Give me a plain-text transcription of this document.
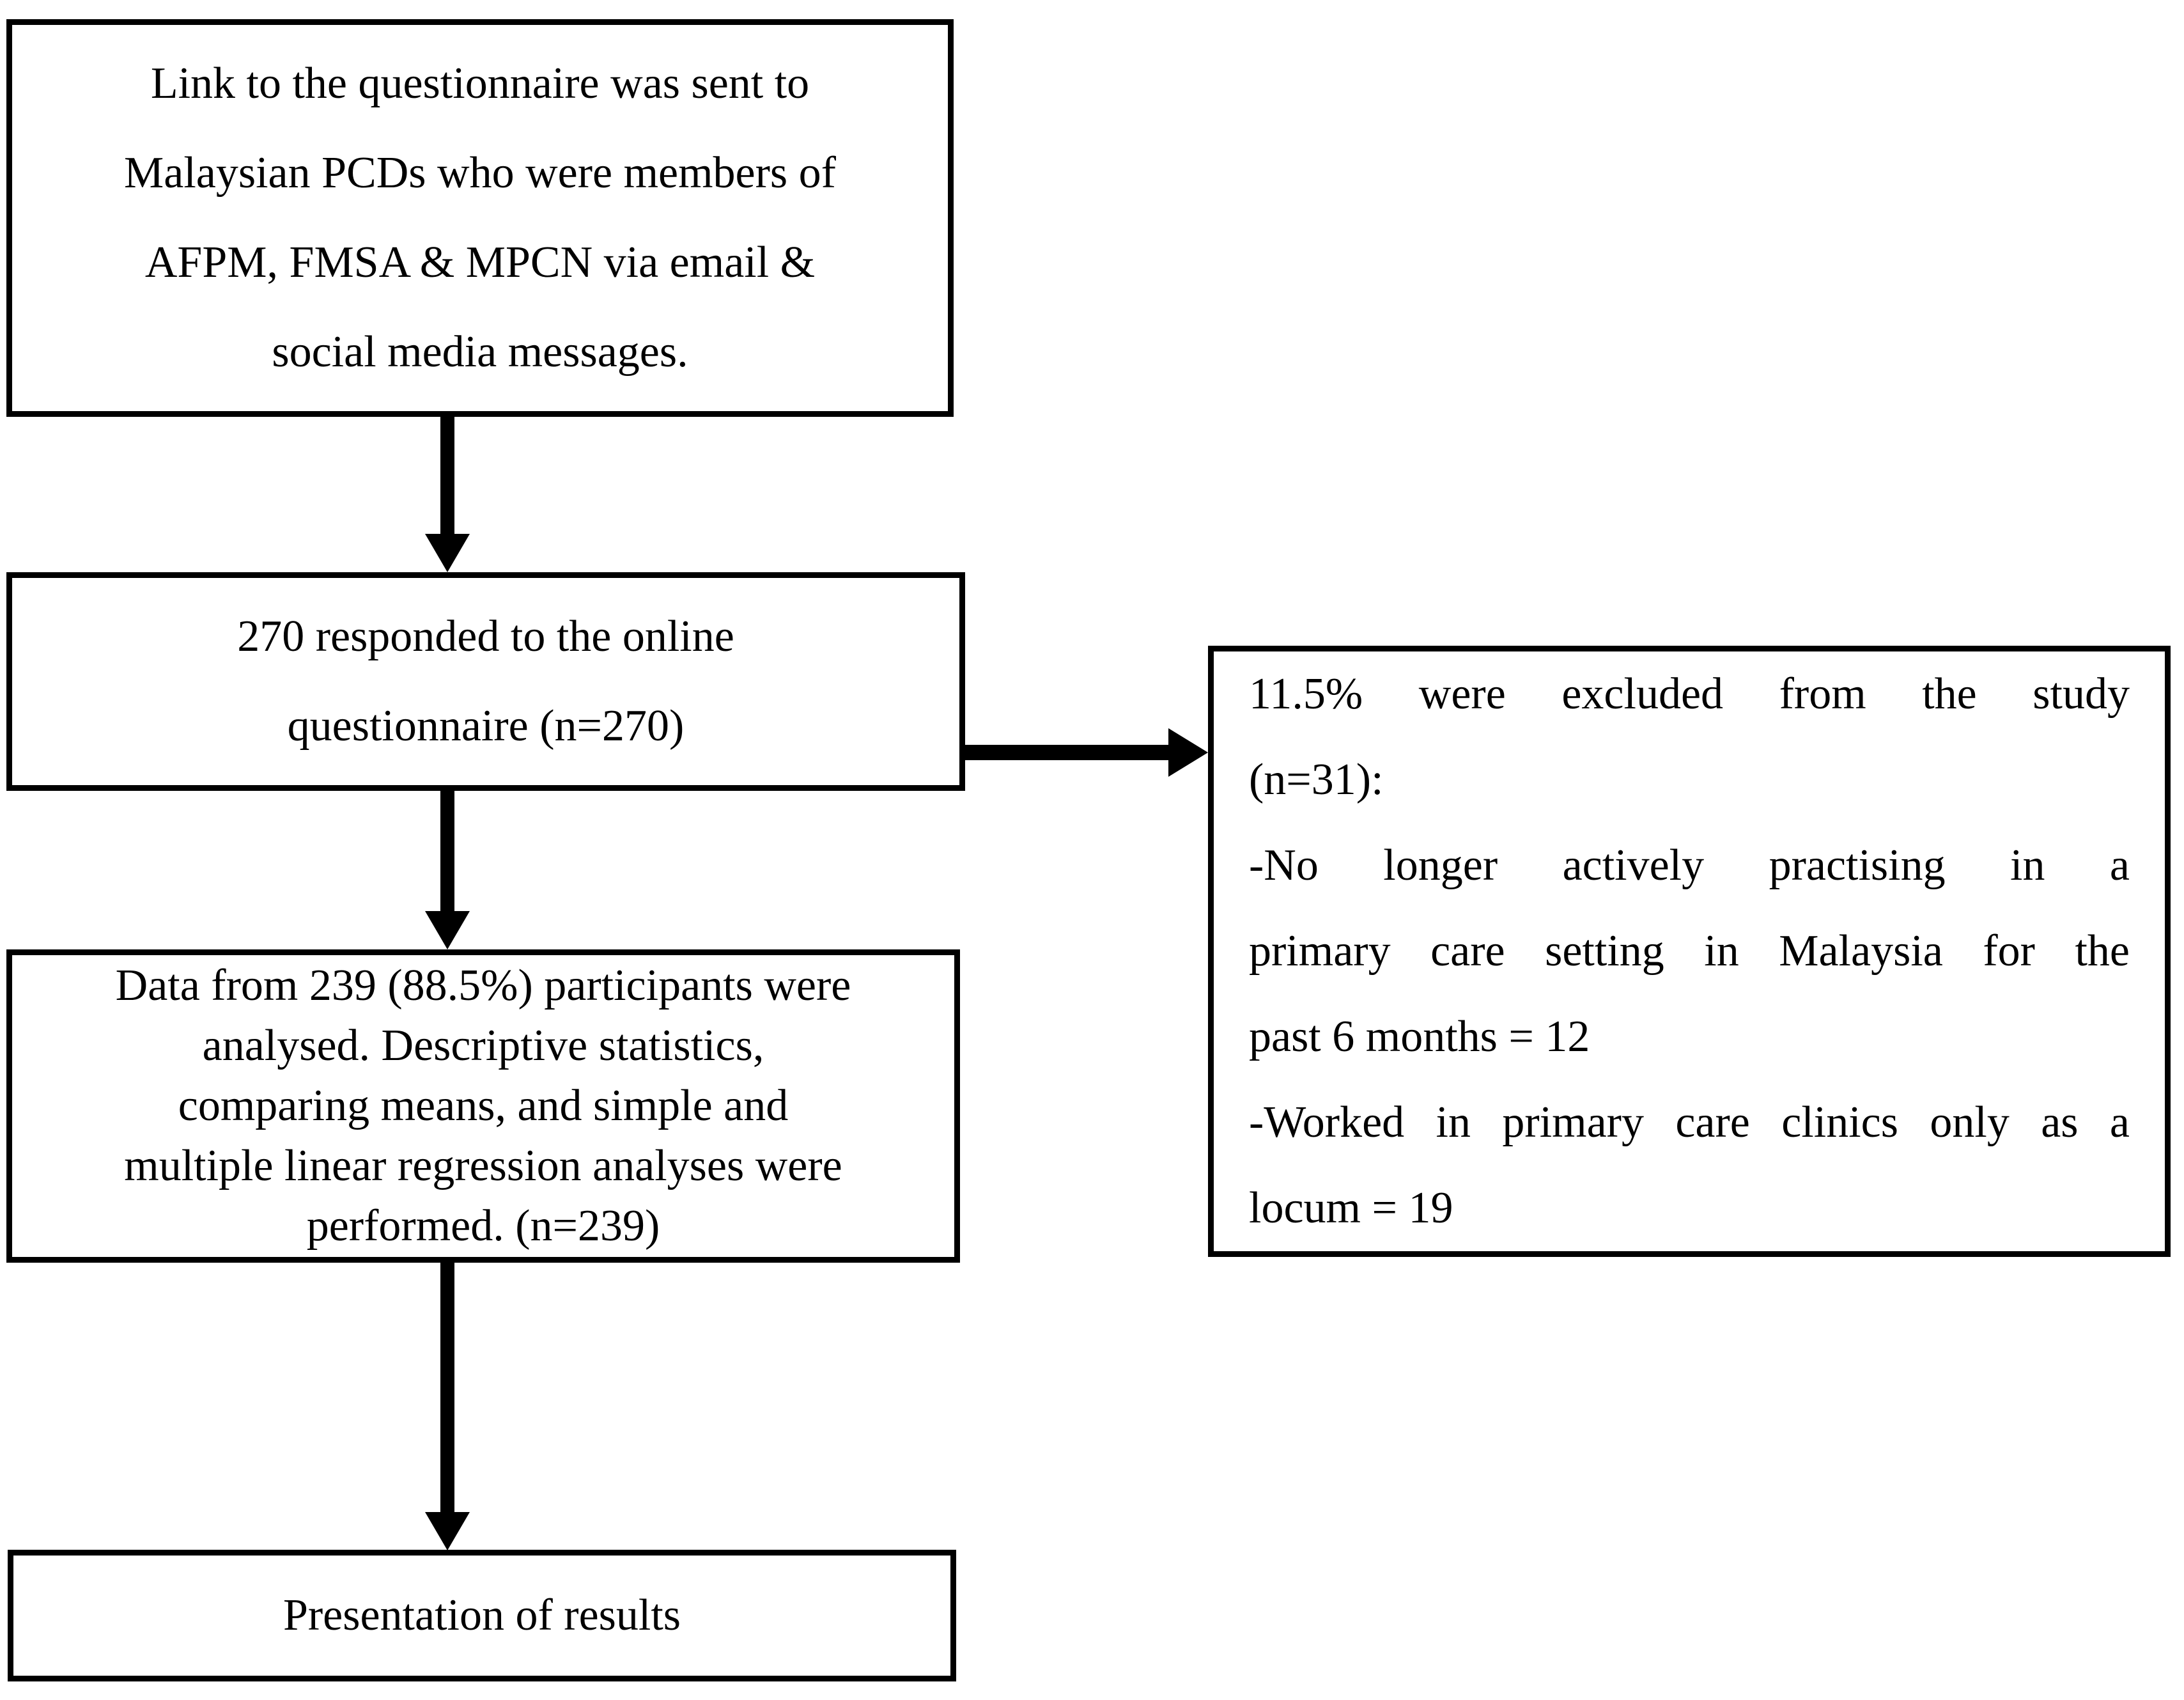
Link to the questionnaire was sent to
Malaysian PCDs who were members of
AFPM, FMSA & MPCN via email &
social media messages.
270 responded to the online
questionnaire (n=270)
11.5% were excluded from the study
(n=31):
-No longer actively practising in a
primary care setting in Malaysia for the
past 6 months = 12
-Worked in primary care clinics only as a
locum = 19
Data from 239 (88.5%) participants were
analysed. Descriptive statistics,
comparing means, and simple and
multiple linear regression analyses were
performed. (n=239)
Presentation of results
